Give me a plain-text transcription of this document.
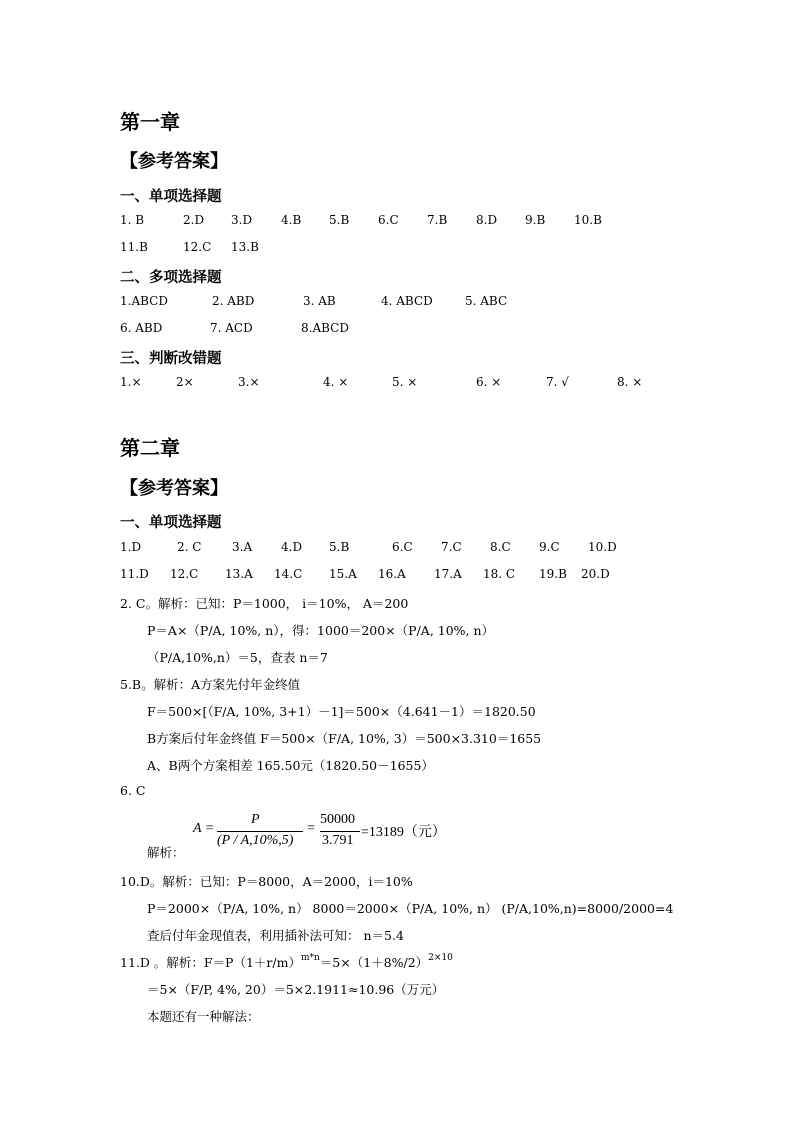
第一章
【参考答案】
一、单项选择题
1. B	2.D 3.D 4.B 5.B 6.C 7.B 8.D 9.B 10.B
11.B	12.C 13.B
二、多项选择题
1.ABCD	2. ABD	3. AB	4. ABCD	5. ABC
6. ABD	7. ACD	8.ABCD
三、判断改错题
1.×	2×	3.×	4. ×	5. ×	6. ×	7. √	8. ×
第二章
【参考答案】
一、单项选择题
1.D	2. C	3.A 4.D 5.B	6.C 7.C 8.C 9.C 10.D
11.D 12.C 13.A 14.C 15.A 16.A 17.A 18. C 19.B 20.D
2. C。解析：已知：P＝1000， i＝10%， A＝200
P＝A×（P/A, 10%, n），得：1000＝200×（P/A, 10%, n）
（P/A,10%,n）＝5，查表 n＝7
5.B。解析：A方案先付年金终值
F＝500×[（F/A, 10%, 3+1）－1]＝500×（4.641－1）＝1820.50
B方案后付年金终值 F＝500×（F/A, 10%, 3）＝500×3.310＝1655
A、B两个方案相差 165.50元（1820.50－1655）
6. C
A =
P
(P / A,10%,5)
=
50000
3.791
=13189（元）
解析：
10.D。解析：已知：P＝8000，A＝2000，i＝10%
P＝2000×（P/A, 10%, n） 8000＝2000×（P/A, 10%, n） (P/A,10%,n)=8000/2000=4
查后付年金现值表，利用插补法可知： n＝5.4
11.D 。解析：$F=P(1+r/m)^{m*n}=5\times(1+8\%/2)^{2\times 10}$
＝5×（F/P, 4%, 20）＝5×2.1911≈10.96（万元）
本题还有一种解法：
